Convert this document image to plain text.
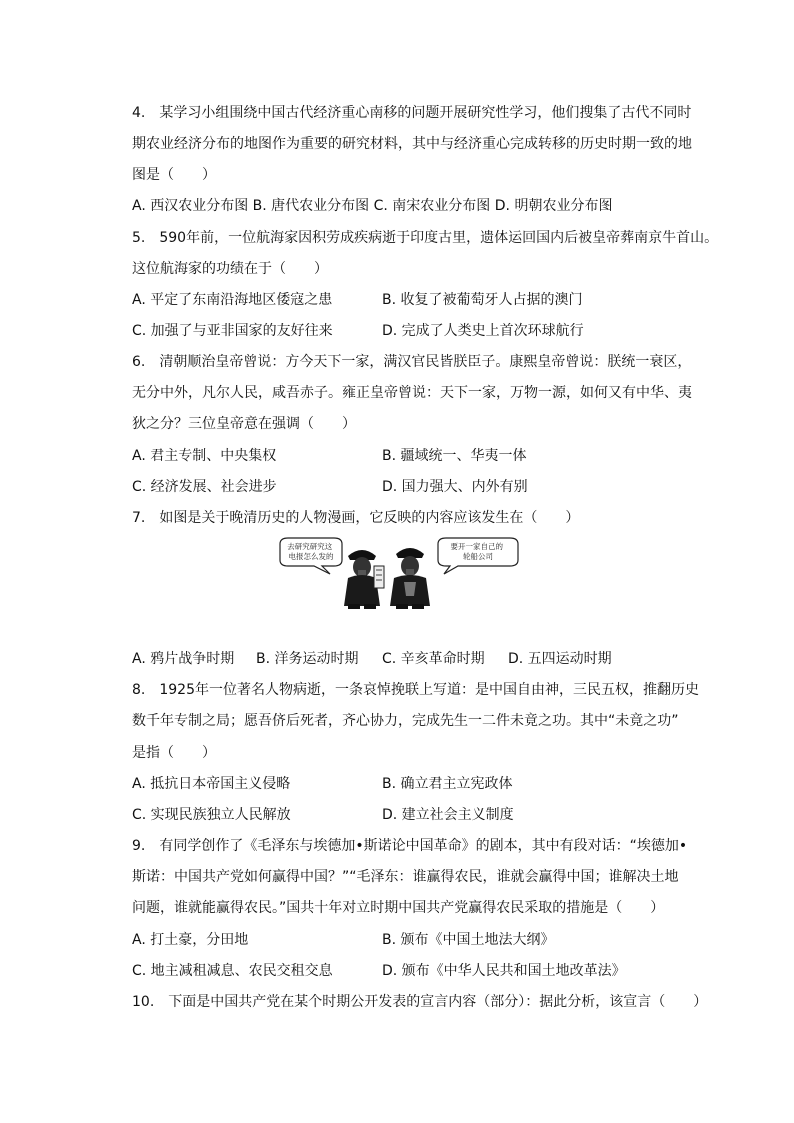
4.　某学习小组围绕中国古代经济重心南移的问题开展研究性学习，他们搜集了古代不同时
期农业经济分布的地图作为重要的研究材料，其中与经济重心完成转移的历史时期一致的地
图是（　　）
A. 西汉农业分布图 B. 唐代农业分布图 C. 南宋农业分布图 D. 明朝农业分布图
5.　590年前，一位航海家因积劳成疾病逝于印度古里，遗体运回国内后被皇帝葬南京牛首山。
这位航海家的功绩在于（　　）
A. 平定了东南沿海地区倭寇之患	B. 收复了被葡萄牙人占据的澳门
C. 加强了与亚非国家的友好往来	D. 完成了人类史上首次环球航行
6.　清朝顺治皇帝曾说：方今天下一家，满汉官民皆朕臣子。康熙皇帝曾说：朕统一衰区，
无分中外，凡尔人民，咸吾赤子。雍正皇帝曾说：天下一家，万物一源，如何又有中华、夷
狄之分？三位皇帝意在强调（　　）
A. 君主专制、中央集权	B. 疆域统一、华夷一体
C. 经济发展、社会进步	D. 国力强大、内外有别
7.　如图是关于晚清历史的人物漫画，它反映的内容应该发生在（　　）
去研究研究这 电报怎么发的
要开一家自己的 轮船公司
A. 鸦片战争时期 B. 洋务运动时期 C. 辛亥革命时期 D. 五四运动时期
8.　1925年一位著名人物病逝，一条哀悼挽联上写道：是中国自由神，三民五权，推翻历史
数千年专制之局；愿吾侪后死者，齐心协力，完成先生一二件未竟之功。其中“未竟之功”
是指（　　）
A. 抵抗日本帝国主义侵略	B. 确立君主立宪政体
C. 实现民族独立人民解放	D. 建立社会主义制度
9.　有同学创作了《毛泽东与埃德加•斯诺论中国革命》的剧本，其中有段对话：“埃德加•
斯诺：中国共产党如何赢得中国？”“毛泽东：谁赢得农民，谁就会赢得中国；谁解决土地
问题，谁就能赢得农民。”国共十年对立时期中国共产党赢得农民采取的措施是（　　）
A. 打土豪，分田地	B. 颁布《中国土地法大纲》
C. 地主减租减息、农民交租交息	D. 颁布《中华人民共和国土地改革法》
10.　下面是中国共产党在某个时期公开发表的宣言内容（部分）：据此分析，该宣言（　　）
